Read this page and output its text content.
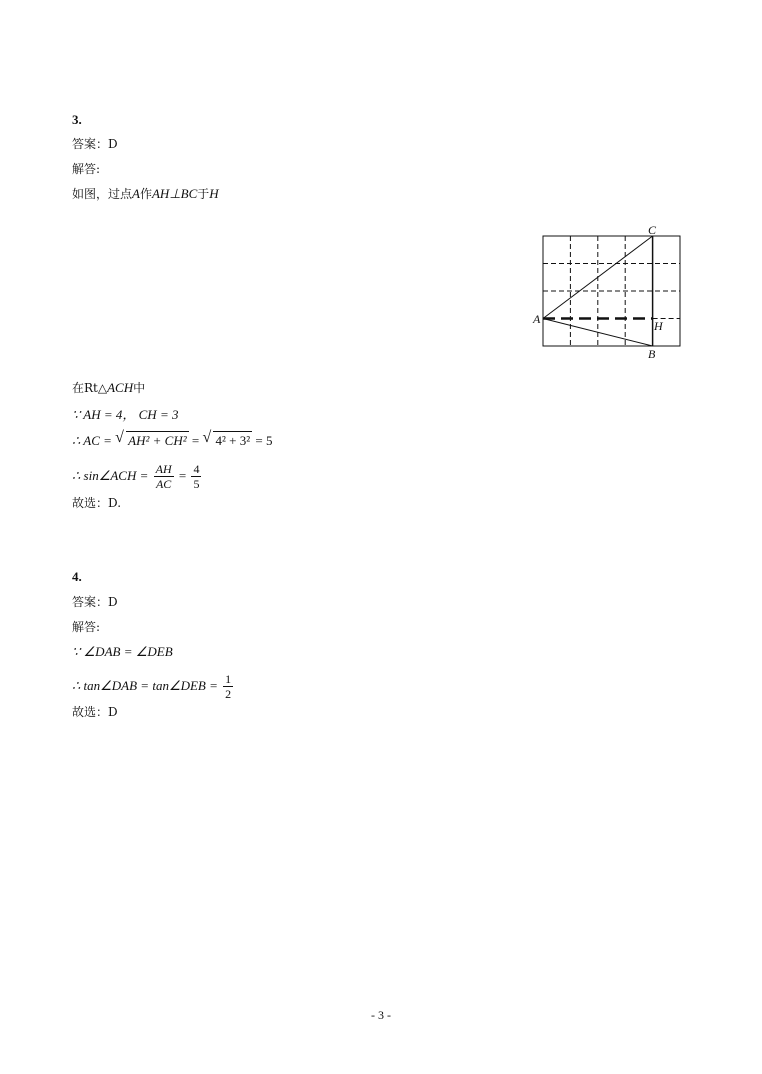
3.
答案：D
解答:
如图，过点A作AH⊥BC于H
A
B
C
H
在Rt△ACH中
∵ AH = 4， CH = 3
∴ AC = √ AH² + CH² = √ 4² + 3² = 5
∴ sin∠ACH = $\frac{AH}{AC} = \frac{4}{5}$
故选：D.
4.
答案：D
解答:
∵ ∠DAB = ∠DEB
∴ tan∠DAB = tan∠DEB = $\frac{1}{2}$
故选：D
- 3 -
